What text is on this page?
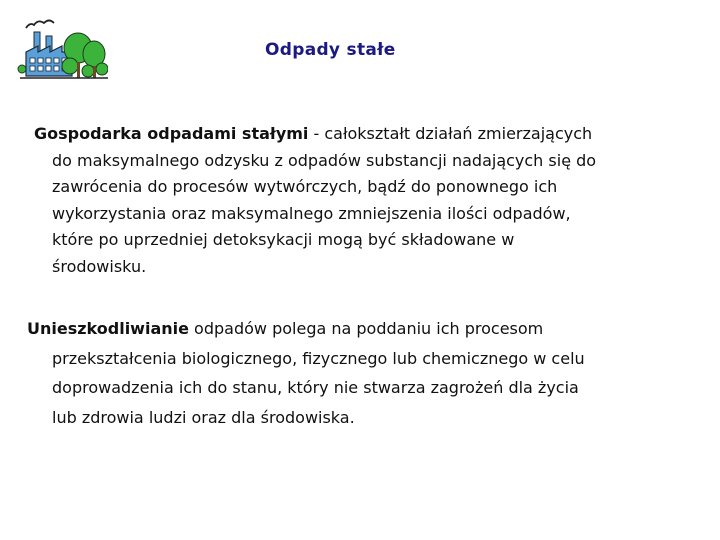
Odpady stałe
Gospodarka odpadami stałymi - całokształt działań zmierzających
do maksymalnego odzysku z odpadów substancji nadających się do
zawrócenia do procesów wytwórczych, bądź do ponownego ich
wykorzystania oraz maksymalnego zmniejszenia ilości odpadów,
które po uprzedniej detoksykacji mogą być składowane w
środowisku.
Unieszkodliwianie odpadów polega na poddaniu ich procesom
przekształcenia biologicznego, fizycznego lub chemicznego w celu
doprowadzenia ich do stanu, który nie stwarza zagrożeń dla życia
lub zdrowia ludzi oraz dla środowiska.
